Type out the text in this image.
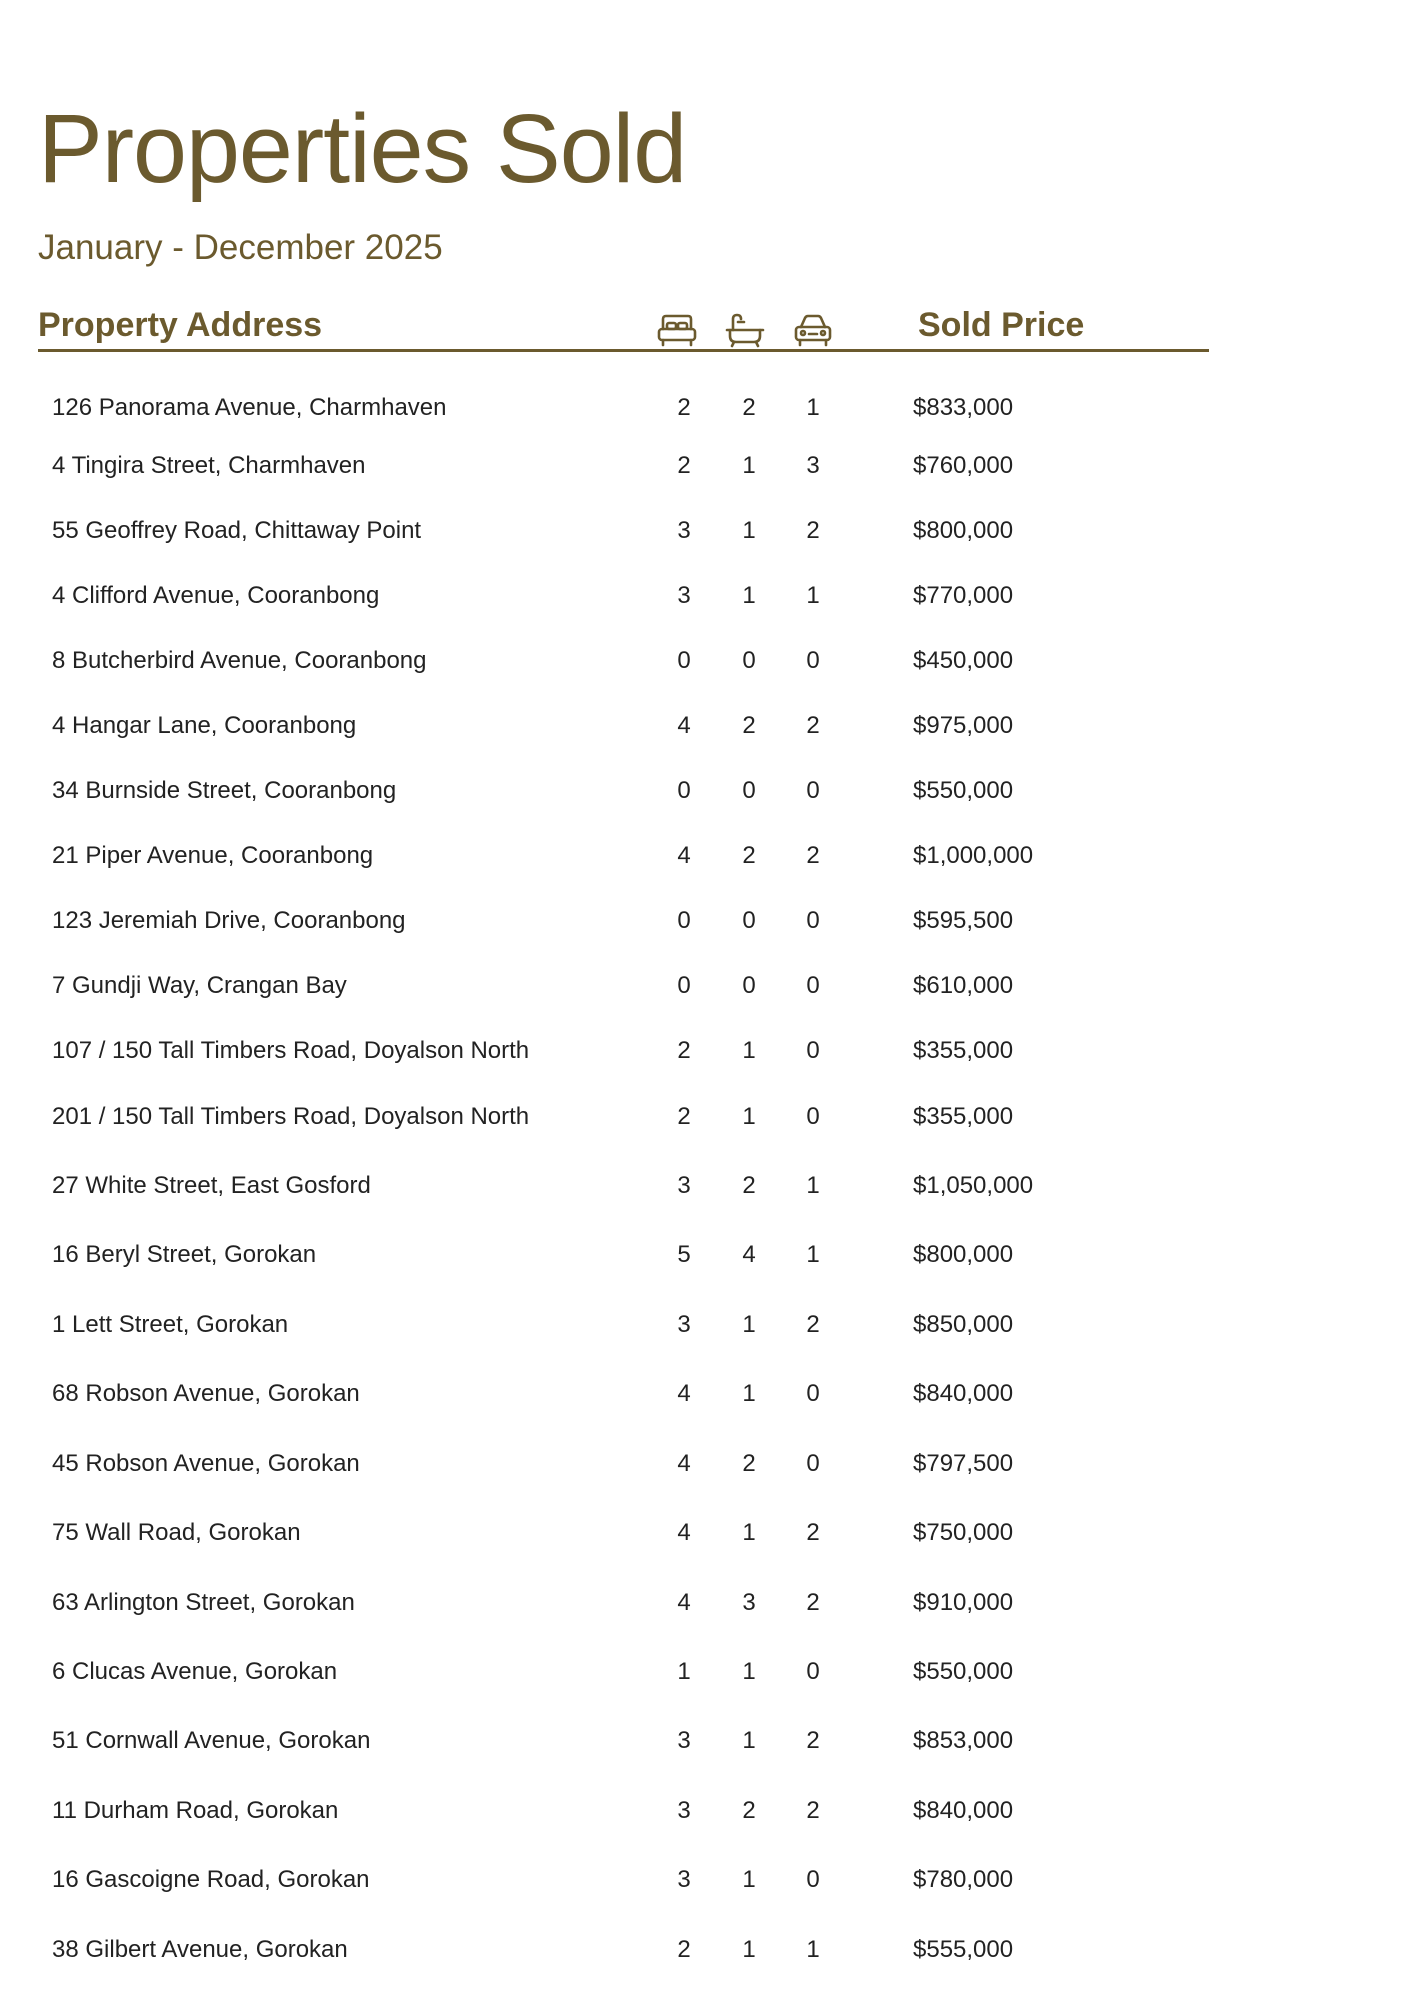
Properties Sold
January - December 2025
Property Address	Sold Price
126 Panorama Avenue, Charmhaven	2	2	1	$833,000
4 Tingira Street, Charmhaven	2	1	3	$760,000
55 Geoffrey Road, Chittaway Point	3	1	2	$800,000
4 Clifford Avenue, Cooranbong	3	1	1	$770,000
8 Butcherbird Avenue, Cooranbong	0	0	0	$450,000
4 Hangar Lane, Cooranbong	4	2	2	$975,000
34 Burnside Street, Cooranbong	0	0	0	$550,000
21 Piper Avenue, Cooranbong	4	2	2	$1,000,000
123 Jeremiah Drive, Cooranbong	0	0	0	$595,500
7 Gundji Way, Crangan Bay	0	0	0	$610,000
107 / 150 Tall Timbers Road, Doyalson North	2	1	0	$355,000
201 / 150 Tall Timbers Road, Doyalson North	2	1	0	$355,000
27 White Street, East Gosford	3	2	1	$1,050,000
16 Beryl Street, Gorokan	5	4	1	$800,000
1 Lett Street, Gorokan	3	1	2	$850,000
68 Robson Avenue, Gorokan	4	1	0	$840,000
45 Robson Avenue, Gorokan	4	2	0	$797,500
75 Wall Road, Gorokan	4	1	2	$750,000
63 Arlington Street, Gorokan	4	3	2	$910,000
6 Clucas Avenue, Gorokan	1	1	0	$550,000
51 Cornwall Avenue, Gorokan	3	1	2	$853,000
11 Durham Road, Gorokan	3	2	2	$840,000
16 Gascoigne Road, Gorokan	3	1	0	$780,000
38 Gilbert Avenue, Gorokan	2	1	1	$555,000
